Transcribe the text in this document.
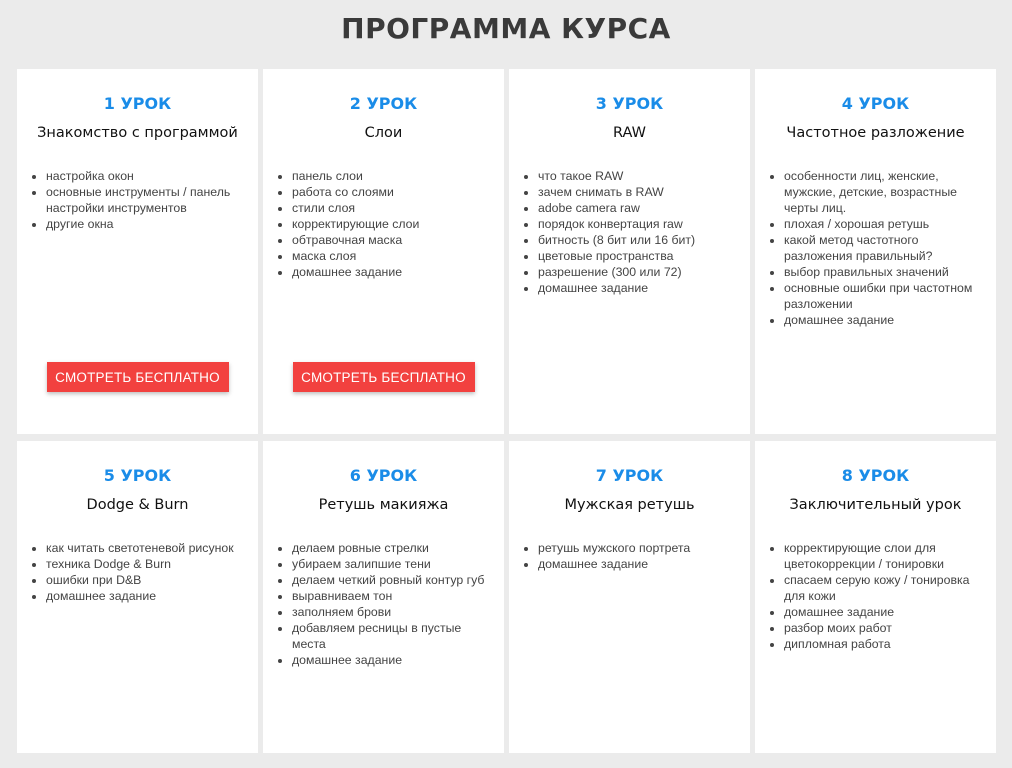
ПРОГРАММА КУРСА
1 УРОК
Знакомство с программой
• настройка окон
• основные инструменты / панель настройки инструментов
• другие окна
СМОТРЕТЬ БЕСПЛАТНО
2 УРОК
Слои
• панель слои
• работа со слоями
• стили слоя
• корректирующие слои
• обтравочная маска
• маска слоя
• домашнее задание
СМОТРЕТЬ БЕСПЛАТНО
3 УРОК
RAW
• что такое RAW
• зачем снимать в RAW
• adobe camera raw
• порядок конвертация raw
• битность (8 бит или 16 бит)
• цветовые пространства
• разрешение (300 или 72)
• домашнее задание
4 УРОК
Частотное разложение
• особенности лиц, женские, мужские, детские, возрастные черты лиц.
• плохая / хорошая ретушь
• какой метод частотного разложения правильный?
• выбор правильных значений
• основные ошибки при частотном разложении
• домашнее задание
5 УРОК
Dodge & Burn
• как читать светотеневой рисунок
• техника Dodge & Burn
• ошибки при D&B
• домашнее задание
6 УРОК
Ретушь макияжа
• делаем ровные стрелки
• убираем залипшие тени
• делаем четкий ровный контур губ
• выравниваем тон
• заполняем брови
• добавляем ресницы в пустые места
• домашнее задание
7 УРОК
Мужская ретушь
• ретушь мужского портрета
• домашнее задание
8 УРОК
Заключительный урок
• корректирующие слои для цветокоррекции / тонировки
• спасаем серую кожу / тонировка для кожи
• домашнее задание
• разбор моих работ
• дипломная работа
